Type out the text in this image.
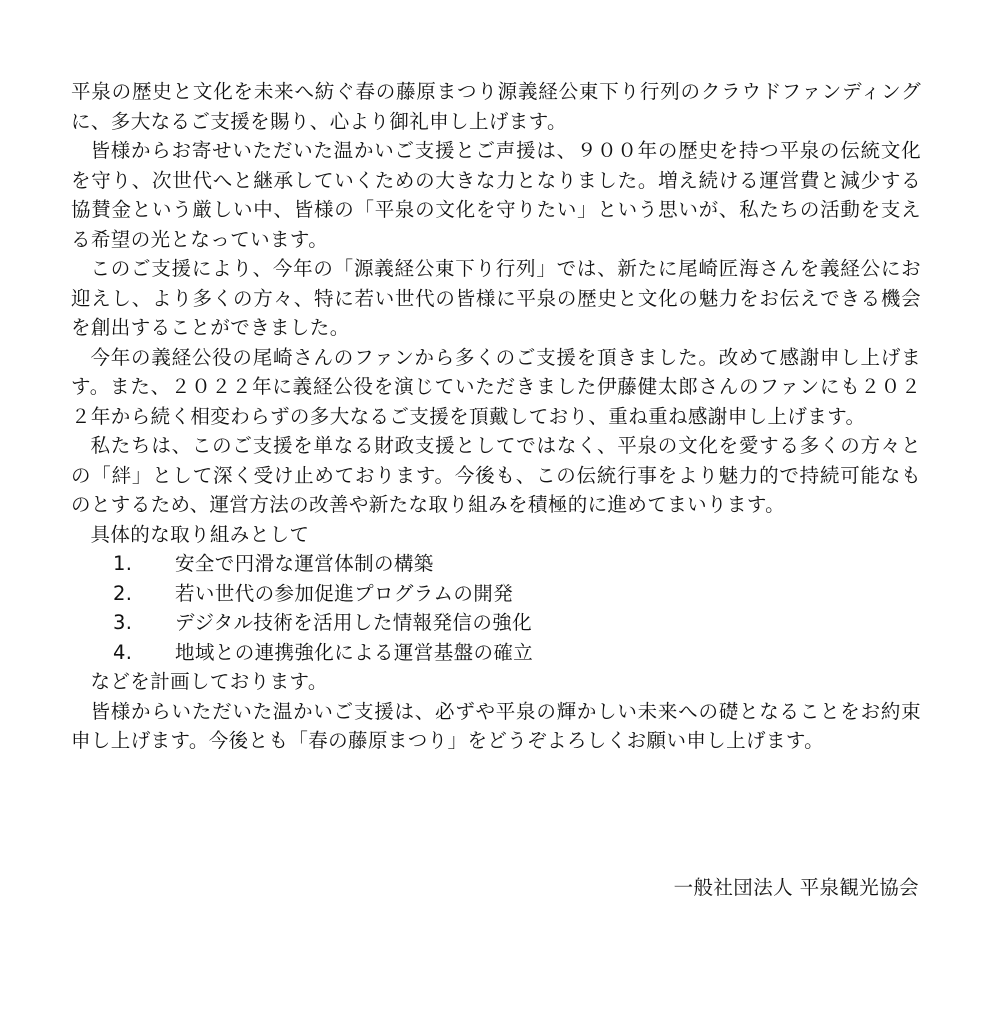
平泉の歴史と文化を未来へ紡ぐ春の藤原まつり源義経公東下り行列のクラウドファンディングに、多大なるご支援を賜り、心より御礼申し上げます。

皆様からお寄せいただいた温かいご支援とご声援は、９００年の歴史を持つ平泉の伝統文化を守り、次世代へと継承していくための大きな力となりました。増え続ける運営費と減少する協賛金という厳しい中、皆様の「平泉の文化を守りたい」という思いが、私たちの活動を支える希望の光となっています。

このご支援により、今年の「源義経公東下り行列」では、新たに尾崎匠海さんを義経公にお迎えし、より多くの方々、特に若い世代の皆様に平泉の歴史と文化の魅力をお伝えできる機会を創出することができました。

今年の義経公役の尾崎さんのファンから多くのご支援を頂きました。改めて感謝申し上げます。また、２０２２年に義経公役を演じていただきました伊藤健太郎さんのファンにも２０２２年から続く相変わらずの多大なるご支援を頂戴しており、重ね重ね感謝申し上げます。

私たちは、このご支援を単なる財政支援としてではなく、平泉の文化を愛する多くの方々との「絆」として深く受け止めております。今後も、この伝統行事をより魅力的で持続可能なものとするため、運営方法の改善や新たな取り組みを積極的に進めてまいります。

具体的な取り組みとして

1.	安全で円滑な運営体制の構築
2.	若い世代の参加促進プログラムの開発
3.	デジタル技術を活用した情報発信の強化
4.	地域との連携強化による運営基盤の確立

などを計画しております。

皆様からいただいた温かいご支援は、必ずや平泉の輝かしい未来への礎となることをお約束申し上げます。今後とも「春の藤原まつり」をどうぞよろしくお願い申し上げます。

一般社団法人 平泉観光協会
